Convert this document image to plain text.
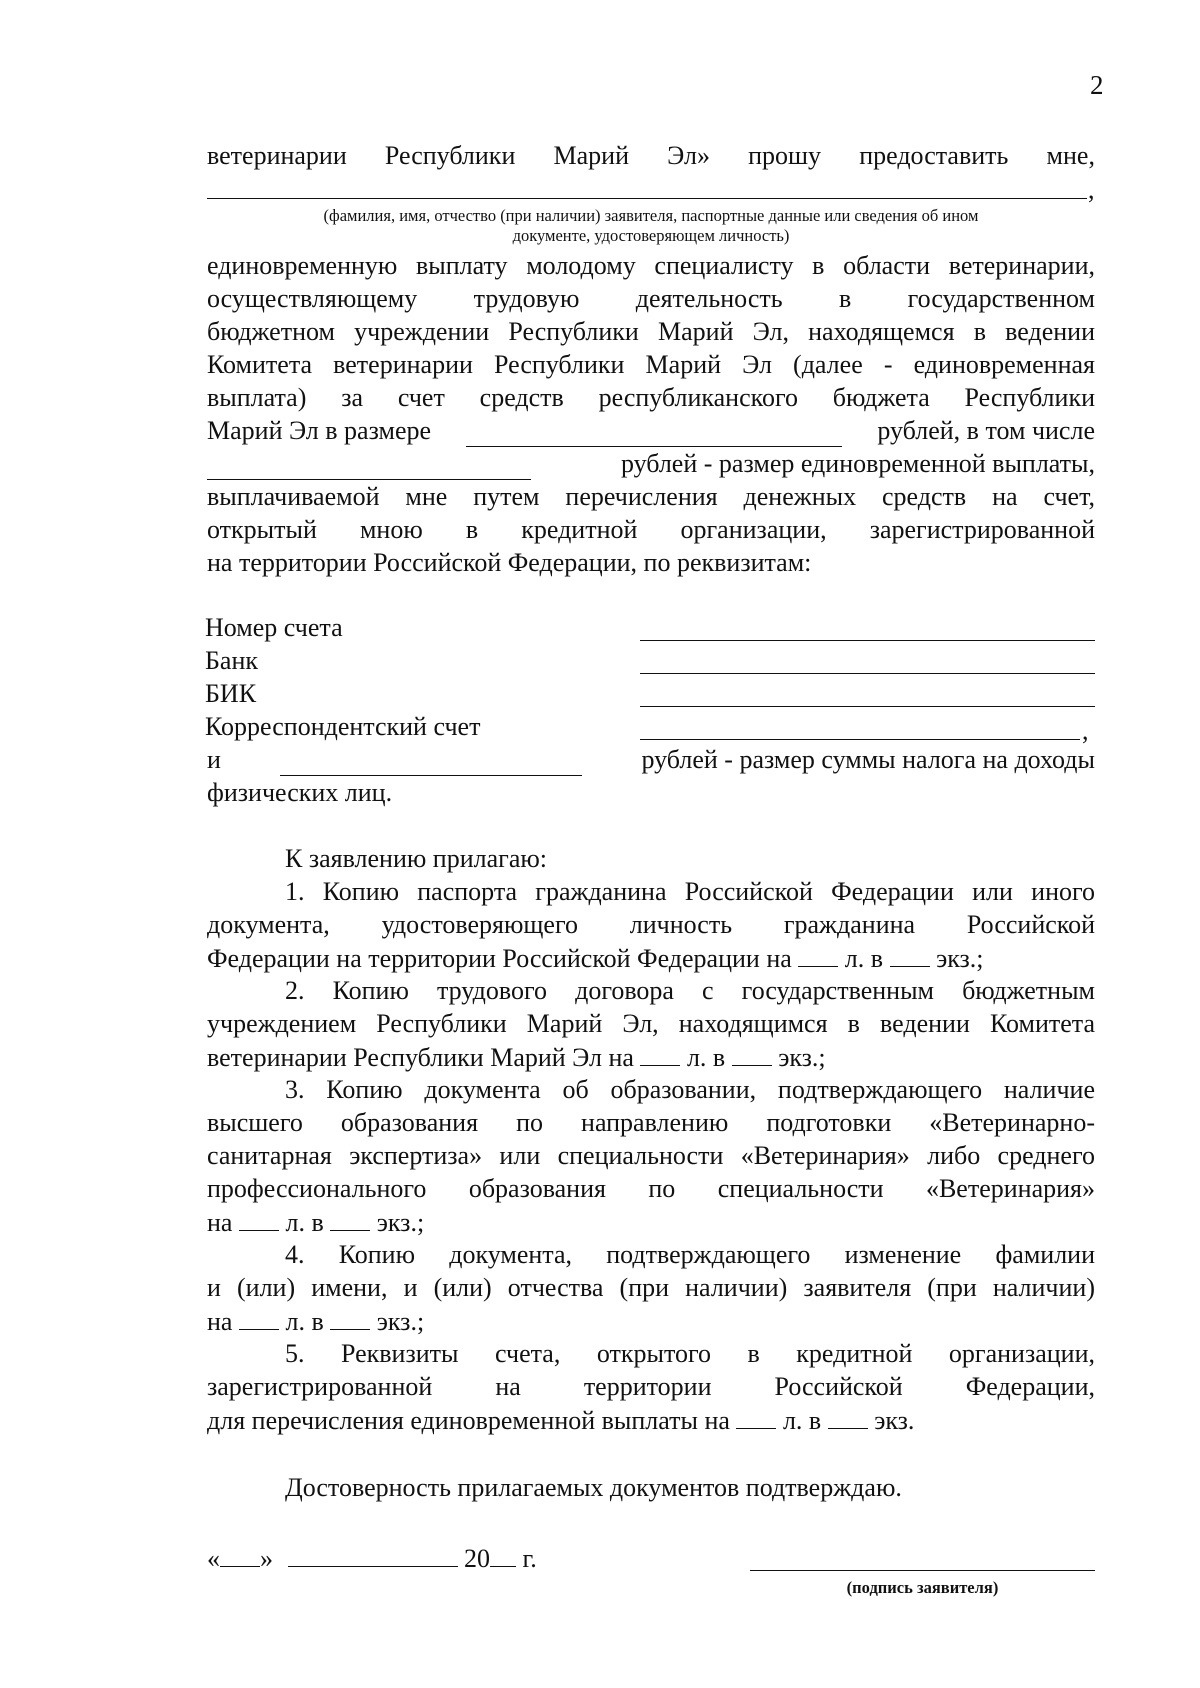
2
ветеринарии Республики Марий Эл» прошу предоставить мне,
,
(фамилия, имя, отчество (при наличии) заявителя, паспортные данные или сведения об ином
документе, удостоверяющем личность)
единовременную выплату молодому специалисту в области ветеринарии,
осуществляющему трудовую деятельность в государственном
бюджетном учреждении Республики Марий Эл, находящемся в ведении
Комитета ветеринарии Республики Марий Эл (далее - единовременная
выплата) за счет средств республиканского бюджета Республики
Марий Эл в размере	рублей, в том числе
рублей - размер единовременной выплаты,
выплачиваемой мне путем перечисления денежных средств на счет,
открытый мною в кредитной организации, зарегистрированной
на территории Российской Федерации, по реквизитам:
Номер счета
Банк
БИК
Корреспондентский счет	,
и	рублей - размер суммы налога на доходы
физических лиц.
К заявлению прилагаю:
1. Копию паспорта гражданина Российской Федерации или иного
документа, удостоверяющего личность гражданина Российской
Федерации на территории Российской Федерации на л. в экз.;
2. Копию трудового договора с государственным бюджетным
учреждением Республики Марий Эл, находящимся в ведении Комитета
ветеринарии Республики Марий Эл на л. в экз.;
3. Копию документа об образовании, подтверждающего наличие
высшего образования по направлению подготовки «Ветеринарно-
санитарная экспертиза» или специальности «Ветеринария» либо среднего
профессионального образования по специальности «Ветеринария»
на л. в экз.;
4. Копию документа, подтверждающего изменение фамилии
и (или) имени, и (или) отчества (при наличии) заявителя (при наличии)
на л. в экз.;
5. Реквизиты счета, открытого в кредитной организации,
зарегистрированной на территории Российской Федерации,
для перечисления единовременной выплаты на л. в экз.
Достоверность прилагаемых документов подтверждаю.
« »	20 г.
(подпись заявителя)
